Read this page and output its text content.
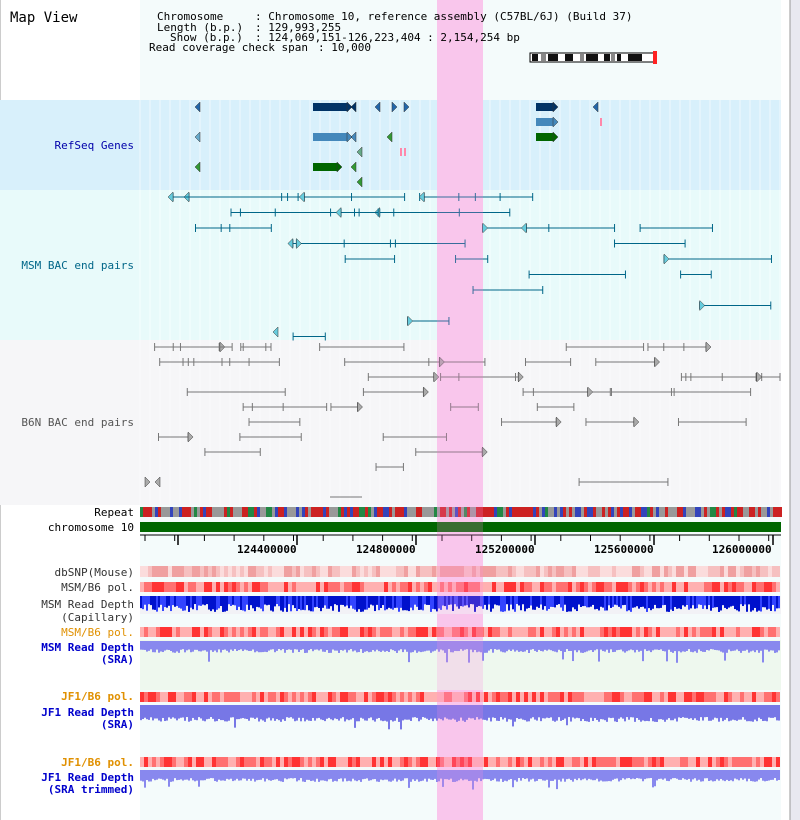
Map View	Chromosome	: Chromosome 10, reference assembly (C57BL/6J) (Build 37)
Length (b.p.) : 129,993,255
Show (b.p.) : 124,069,151-126,223,404 : 2,154,254 bp
Read coverage check span : 10,000
RefSeq Genes
MSM BAC end pairs
B6N BAC end pairs
Repeat
chromosome 10
dbSNP(Mouse)
MSM/B6 pol.
MSM Read Depth
(Capillary)
MSM/B6 pol.
MSM Read Depth
(SRA)
JF1/B6 pol.
JF1 Read Depth
(SRA)
JF1/B6 pol.
JF1 Read Depth
(SRA trimmed)
124400000	124800000	125200000	125600000	126000000
